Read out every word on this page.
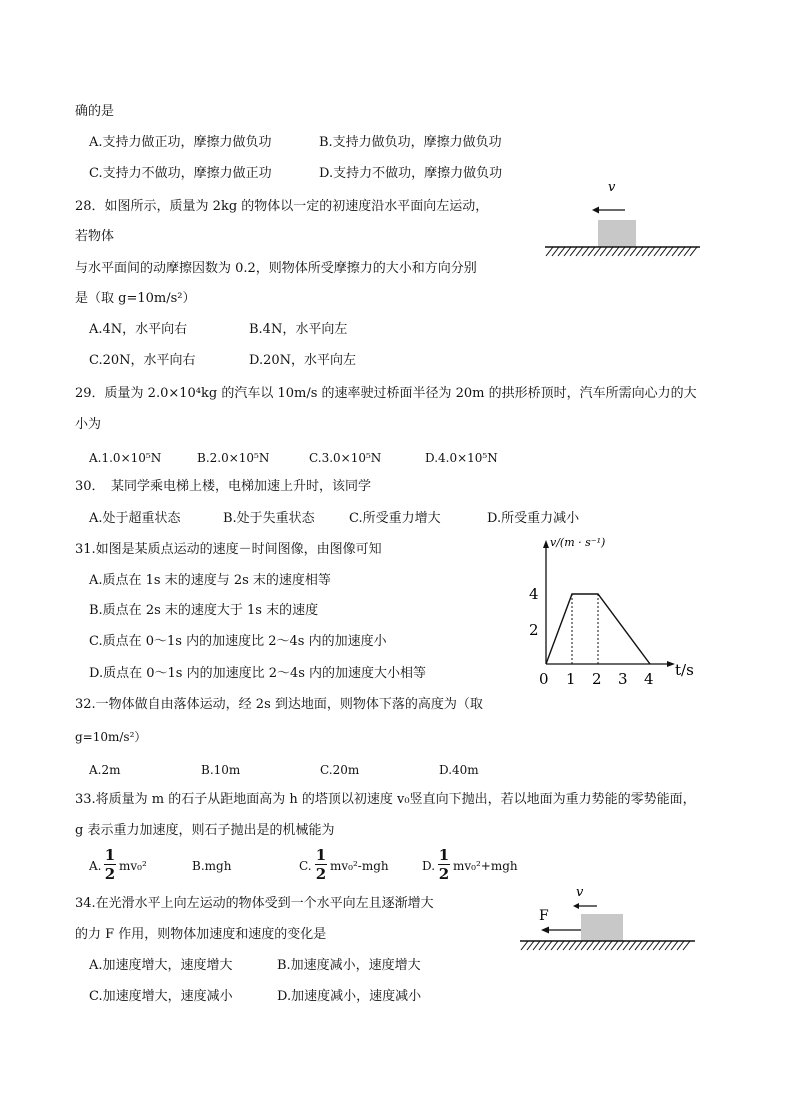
确的是
A.支持力做正功，摩擦力做负功	B.支持力做负功，摩擦力做负功
C.支持力不做功，摩擦力做正功	D.支持力不做功，摩擦力做负功
28．如图所示，质量为 2kg 的物体以一定的初速度沿水平面向左运动，
若物体
与水平面间的动摩擦因数为 0.2，则物体所受摩擦力的大小和方向分别
是（取 g=10m/s²）
A.4N，水平向右	B.4N，水平向左
C.20N，水平向右	D.20N，水平向左
v
29．质量为 2.0×10⁴kg 的汽车以 10m/s 的速率驶过桥面半径为 20m 的拱形桥顶时，汽车所需向心力的大
小为
A.1.0×10⁵N	B.2.0×10⁵N	C.3.0×10⁵N	D.4.0×10⁵N
30．　某同学乘电梯上楼，电梯加速上升时，该同学
A.处于超重状态	B.处于失重状态	C.所受重力增大	D.所受重力减小
31.如图是某质点运动的速度－时间图像，由图像可知
A.质点在 1s 末的速度与 2s 末的速度相等
B.质点在 2s 末的速度大于 1s 末的速度
C.质点在 0～1s 内的加速度比 2～4s 内的加速度小
D.质点在 0～1s 内的加速度比 2～4s 内的加速度大小相等
v/(m · s⁻¹)
t/s
4
2
0 1 2 3 4
32.一物体做自由落体运动，经 2s 到达地面，则物体下落的高度为（取
g=10m/s²）
A.2m	B.10m	C.20m	D.40m
33.将质量为 m 的石子从距地面高为 h 的塔顶以初速度 v₀竖直向下抛出，若以地面为重力势能的零势能面，
g 表示重力加速度，则石子抛出是的机械能为
A.
1
2 mv₀²	B.mgh	C.
1
2 mv₀²-mgh	D.
1
2 mv₀²+mgh
34.在光滑水平上向左运动的物体受到一个水平向左且逐渐增大
的力 F 作用，则物体加速度和速度的变化是
A.加速度增大，速度增大	B.加速度减小，速度增大
C.加速度增大，速度减小	D.加速度减小，速度减小
v
F
